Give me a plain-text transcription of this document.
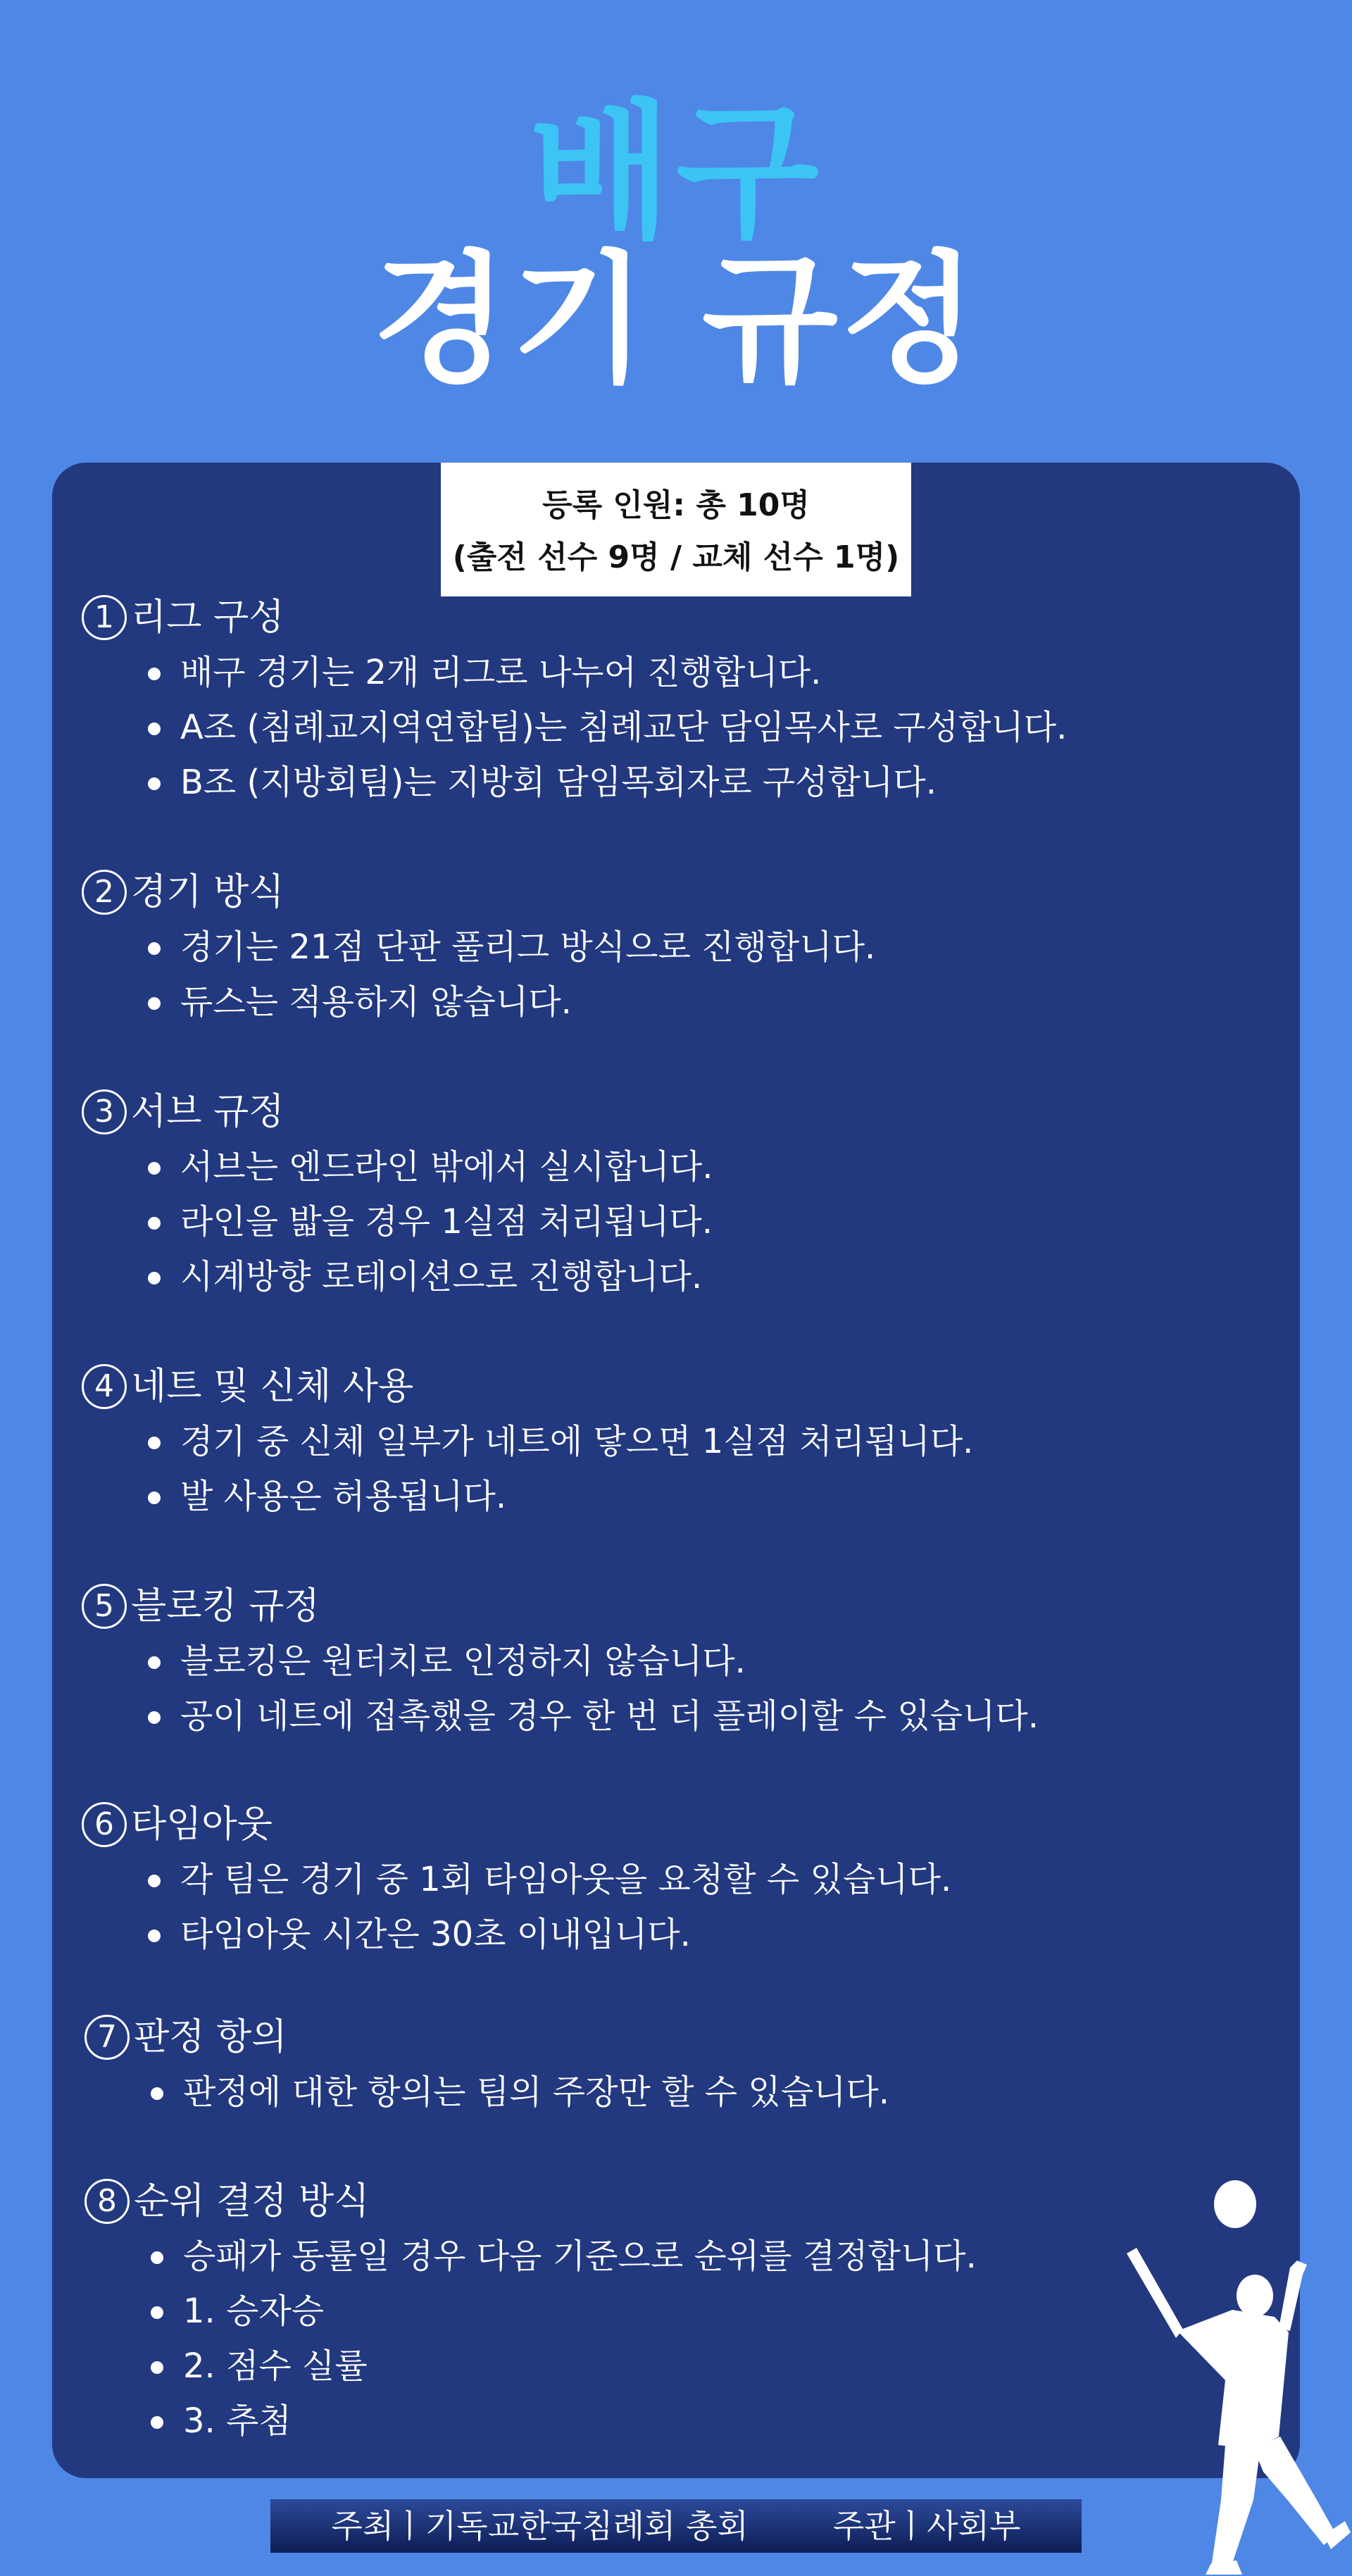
배구
경기 규정
등록 인원: 총 10명
(출전 선수 9명 / 교체 선수 1명)
1 리그 구성
배구 경기는 2개 리그로 나누어 진행합니다.
A조 (침례교지역연합팀)는 침례교단 담임목사로 구성합니다.
B조 (지방회팀)는 지방회 담임목회자로 구성합니다.
2 경기 방식
경기는 21점 단판 풀리그 방식으로 진행합니다.
듀스는 적용하지 않습니다.
3 서브 규정
서브는 엔드라인 밖에서 실시합니다.
라인을 밟을 경우 1실점 처리됩니다.
시계방향 로테이션으로 진행합니다.
4 네트 및 신체 사용
경기 중 신체 일부가 네트에 닿으면 1실점 처리됩니다.
발 사용은 허용됩니다.
5 블로킹 규정
블로킹은 원터치로 인정하지 않습니다.
공이 네트에 접촉했을 경우 한 번 더 플레이할 수 있습니다.
6 타임아웃
각 팀은 경기 중 1회 타임아웃을 요청할 수 있습니다.
타임아웃 시간은 30초 이내입니다.
7 판정 항의
판정에 대한 항의는 팀의 주장만 할 수 있습니다.
8 순위 결정 방식
승패가 동률일 경우 다음 기준으로 순위를 결정합니다.
1. 승자승
2. 점수 실률
3. 추첨
주최ㅣ기독교한국침례회 총회	주관ㅣ사회부
